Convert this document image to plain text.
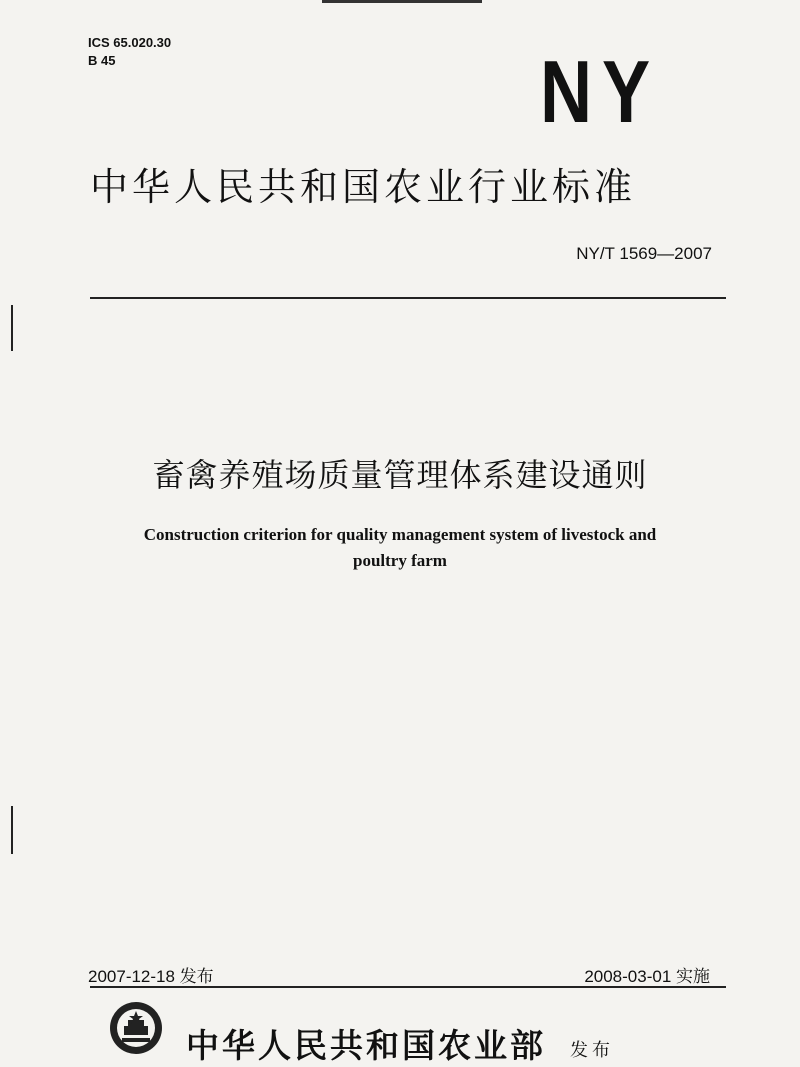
ICS 65.020.30
B 45	NY
中华人民共和国农业行业标准
NY/T 1569—2007
畜禽养殖场质量管理体系建设通则
Construction criterion for quality management system of livestock and poultry farm
2007-12-18 发布	2008-03-01 实施
中华人民共和国农业部 发布
